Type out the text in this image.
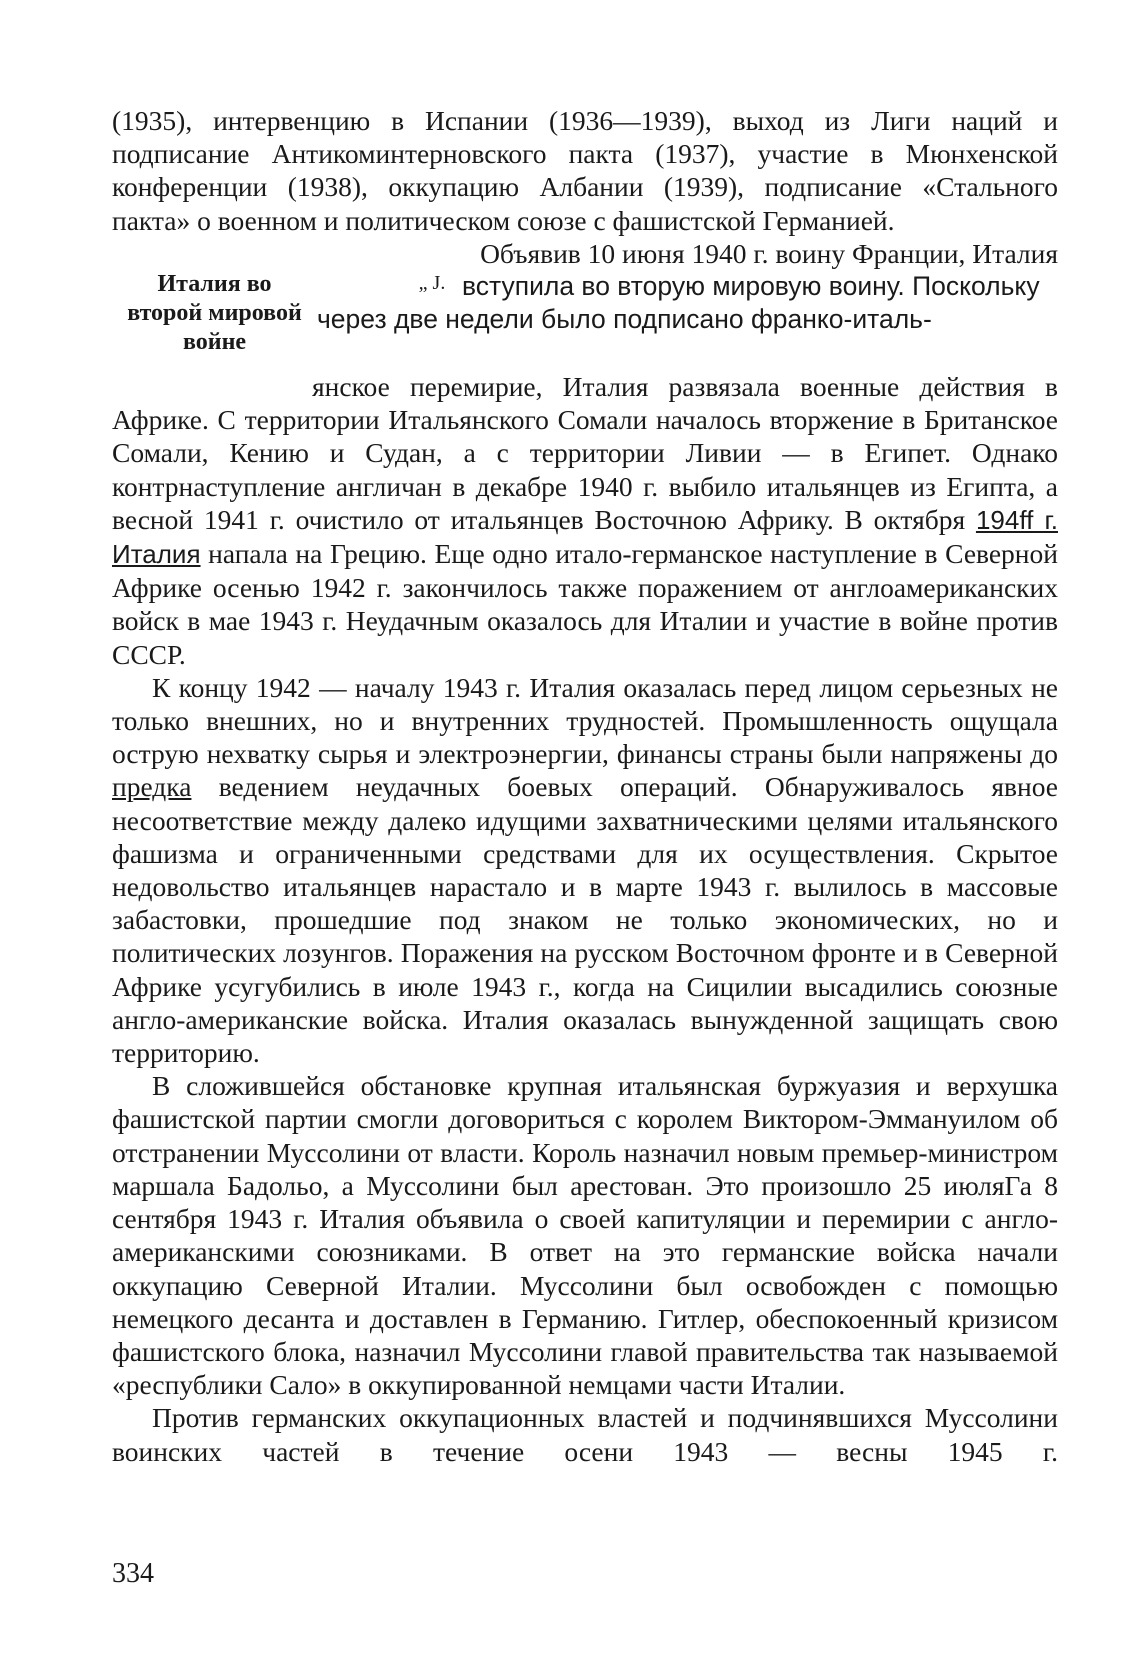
(1935), интервенцию в Испании (1936—1939), выход из Лиги наций и подписание Антикоминтерновского пакта (1937), участие в Мюнхенской конференции (1938), оккупацию Албании (1939), подписание «Стального пакта» о военном и политическом союзе с фашистской Германией.

Объявив 10 июня 1940 г. воину Франции, Италия

Италия во
второй мировой
войне
„ J. вступила во вторую мировую воину. Поскольку
через две недели было подписано франко-италь-

янское перемирие, Италия развязала военные действия в

Африке. С территории Итальянского Сомали началось вторжение в Британское Сомали, Кению и Судан, а с территории Ливии — в Египет. Однако контрнаступление англичан в декабре 1940 г. выбило итальянцев из Египта, а весной 1941 г. очистило от итальянцев Восточною Африку. В октября 194ff г. Италия напала на Грецию. Еще одно итало-германское наступление в Северной Африке осенью 1942 г. закончилось также поражением от англоамериканских войск в мае 1943 г. Неудачным оказалось для Италии и участие в войне против СССР.

К концу 1942 — началу 1943 г. Италия оказалась перед лицом серьезных не только внешних, но и внутренних трудностей. Промышленность ощущала острую нехватку сырья и электроэнергии, финансы страны были напряжены до предка ведением неудачных боевых операций. Обнаруживалось явное несоответствие между далеко идущими захватническими целями итальянского фашизма и ограниченными средствами для их осуществления. Скрытое недовольство итальянцев нарастало и в марте 1943 г. вылилось в массовые забастовки, прошедшие под знаком не только экономических, но и политических лозунгов. Поражения на русском Восточном фронте и в Северной Африке усугубились в июле 1943 г., когда на Сицилии высадились союзные англо-американские войска. Италия оказалась вынужденной защищать свою территорию.

В сложившейся обстановке крупная итальянская буржуазия и верхушка фашистской партии смогли договориться с королем Виктором-Эммануилом об отстранении Муссолини от власти. Король назначил новым премьер-министром маршала Бадольо, а Муссолини был арестован. Это произошло 25 июляГа 8 сентября 1943 г. Италия объявила о своей капитуляции и перемирии с англо-американскими союзниками. В ответ на это германские войска начали оккупацию Северной Италии. Муссолини был освобожден с помощью немецкого десанта и доставлен в Германию. Гитлер, обеспокоенный кризисом фашистского блока, назначил Муссолини главой правительства так называемой «республики Сало» в оккупированной немцами части Италии.

Против германских оккупационных властей и подчинявшихся Муссолини воинских частей в течение осени 1943 — весны 1945 г.

334
